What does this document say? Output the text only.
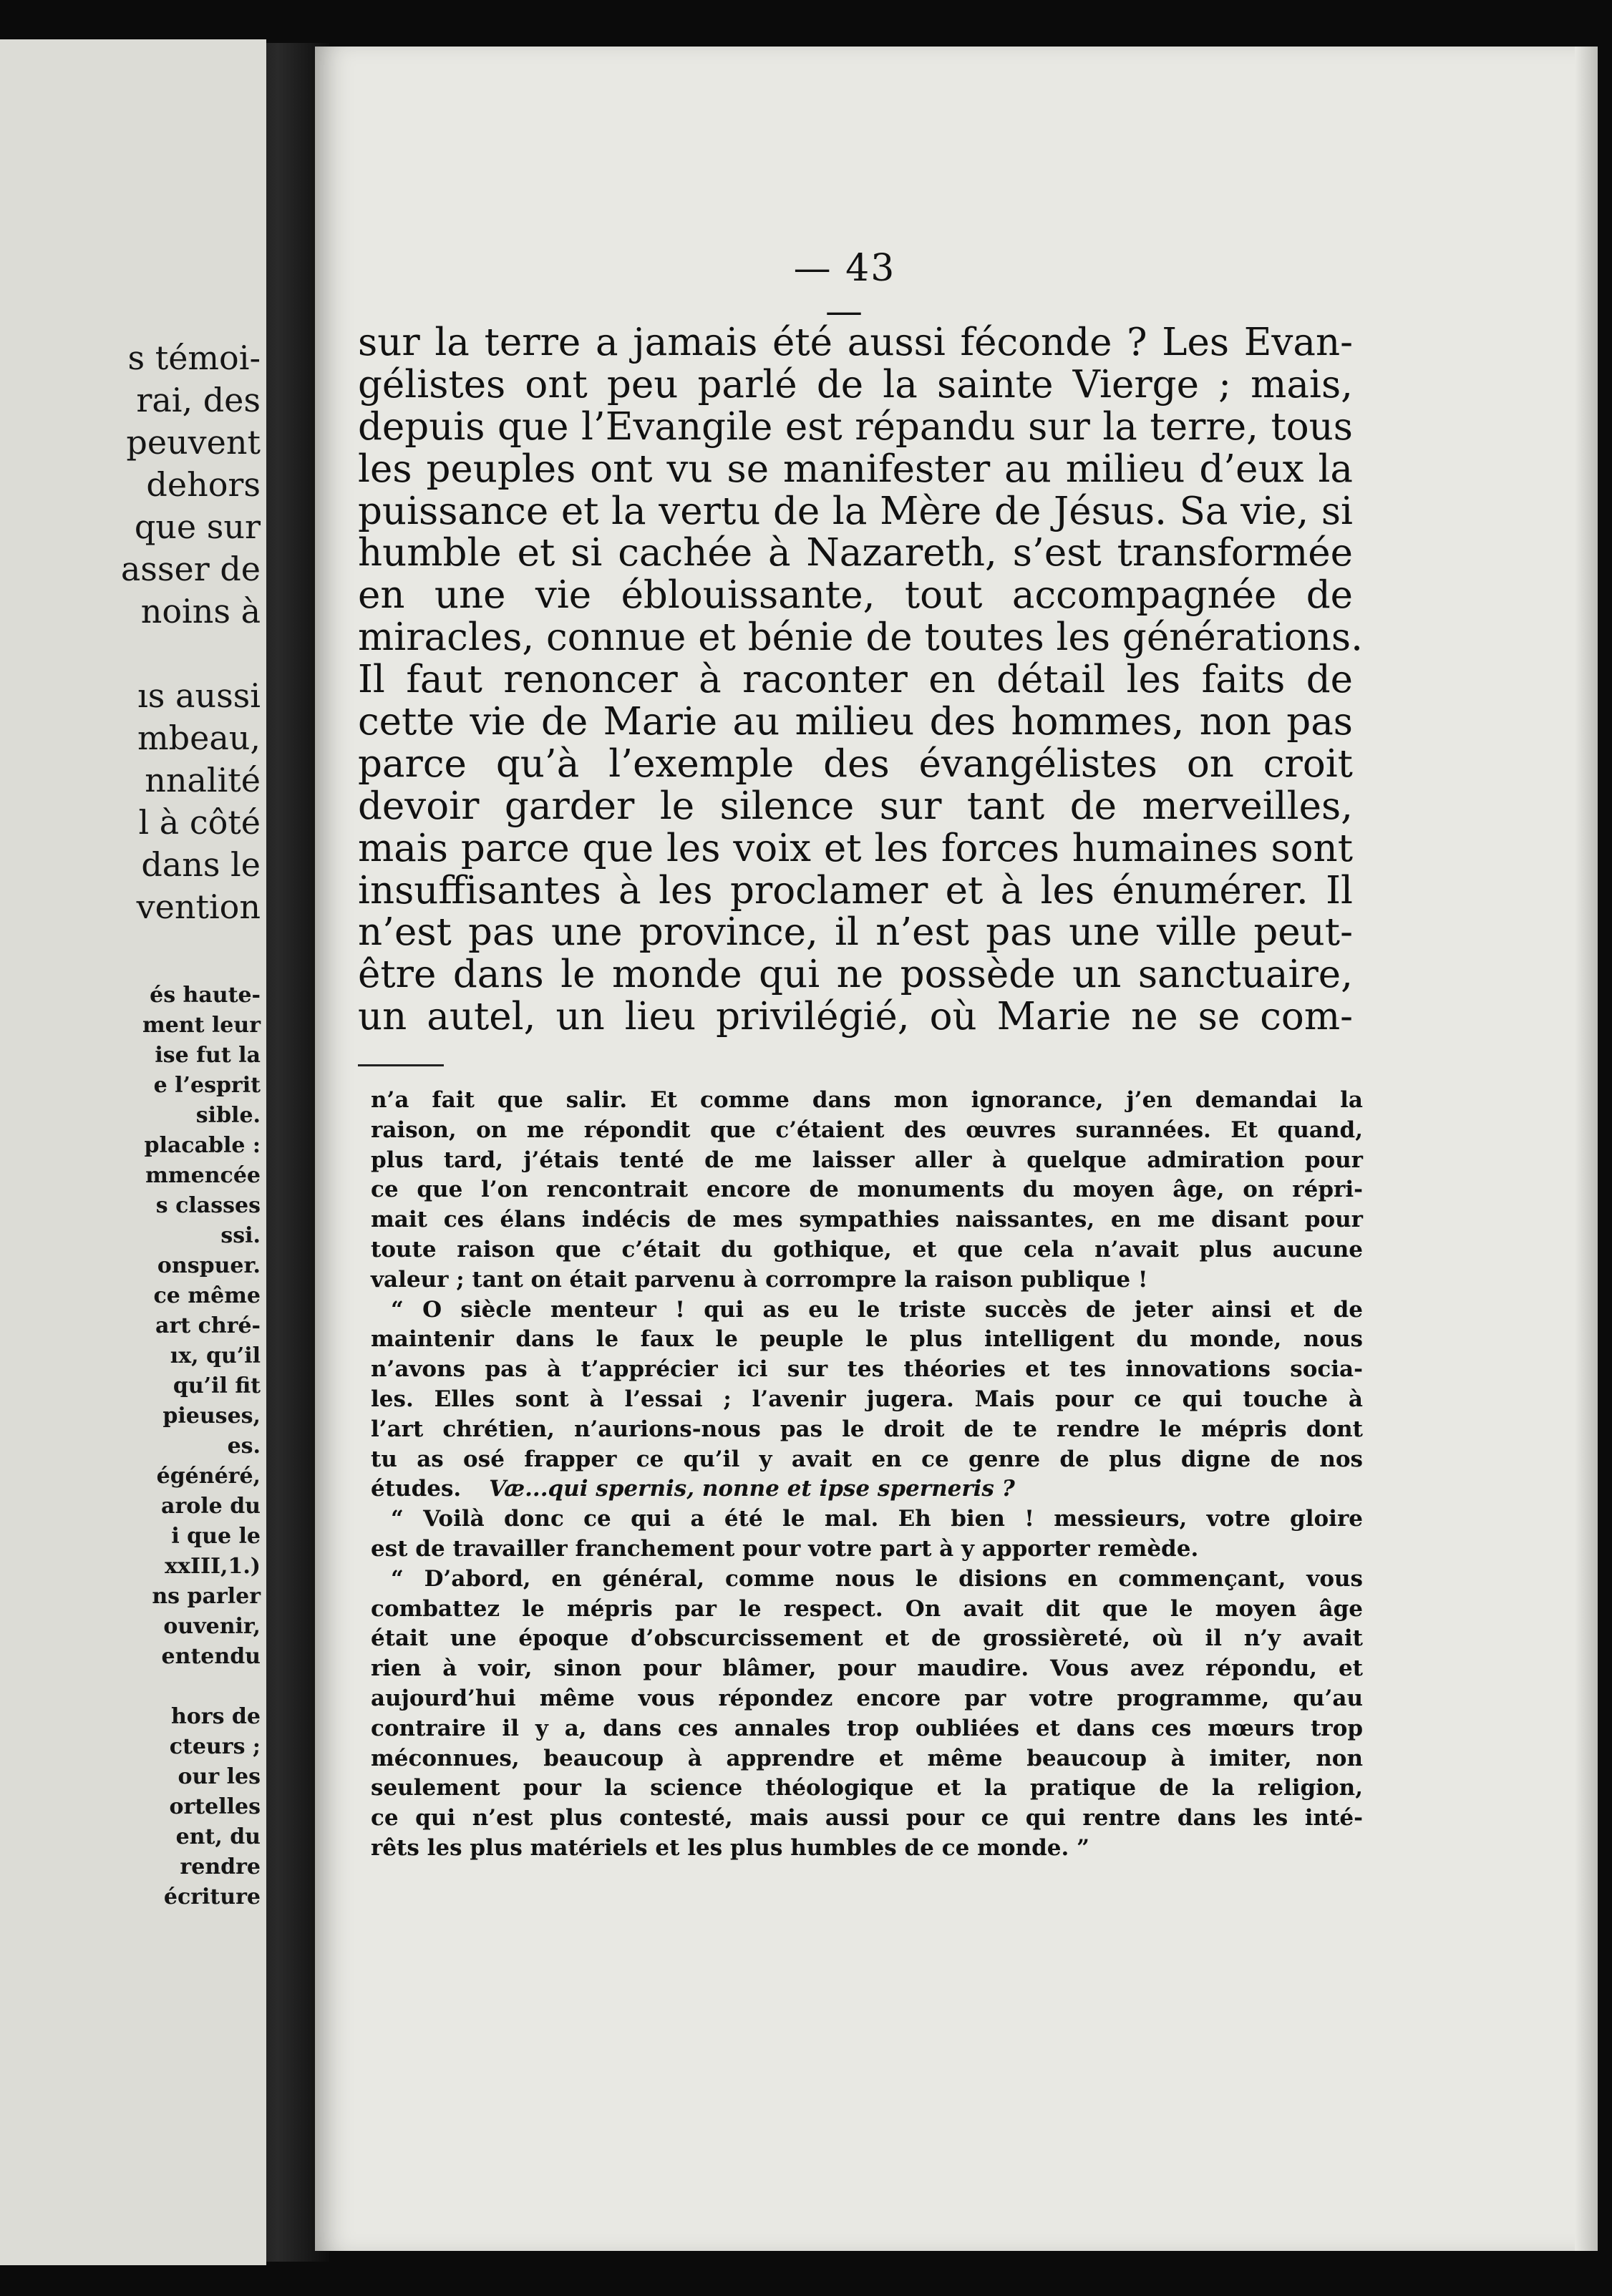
s témoi-
rai, des
peuvent
dehors
que sur
asser de
noins à
ıs aussi
mbeau,
nnalité
l à côté
dans le
vention
és haute-
ment leur
ise fut la
e l’esprit
sible.
placable :
mmencée
s classes
ssi.
onspuer.
ce même
art chré-
ıx, qu’il
qu’il fit
pieuses,
es.
égénéré,
arole du
i que le
xxIII,1.)
ns parler
ouvenir,
entendu
hors de
cteurs ;
our les
ortelles
ent, du
rendre
écriture
— 43 —
sur la terre a jamais été aussi féconde ? Les Evan-
gélistes ont peu parlé de la sainte Vierge ; mais,
depuis que l’Evangile est répandu sur la terre, tous
les peuples ont vu se manifester au milieu d’eux la
puissance et la vertu de la Mère de Jésus. Sa vie, si
humble et si cachée à Nazareth, s’est transformée
en une vie éblouissante, tout accompagnée de
miracles, connue et bénie de toutes les générations.
Il faut renoncer à raconter en détail les faits de
cette vie de Marie au milieu des hommes, non pas
parce qu’à l’exemple des évangélistes on croit
devoir garder le silence sur tant de merveilles,
mais parce que les voix et les forces humaines sont
insuffisantes à les proclamer et à les énumérer. Il
n’est pas une province, il n’est pas une ville peut-
être dans le monde qui ne possède un sanctuaire,
un autel, un lieu privilégié, où Marie ne se com-
n’a fait que salir. Et comme dans mon ignorance, j’en demandai la
raison, on me répondit que c’étaient des œuvres surannées. Et quand,
plus tard, j’étais tenté de me laisser aller à quelque admiration pour
ce que l’on rencontrait encore de monuments du moyen âge, on répri-
mait ces élans indécis de mes sympathies naissantes, en me disant pour
toute raison que c’était du gothique, et que cela n’avait plus aucune
valeur ; tant on était parvenu à corrompre la raison publique !
“ O siècle menteur ! qui as eu le triste succès de jeter ainsi et de
maintenir dans le faux le peuple le plus intelligent du monde, nous
n’avons pas à t’apprécier ici sur tes théories et tes innovations socia-
les. Elles sont à l’essai ; l’avenir jugera. Mais pour ce qui touche à
l’art chrétien, n’aurions-nous pas le droit de te rendre le mépris dont
tu as osé frapper ce qu’il y avait en ce genre de plus digne de nos
études. Væ...qui spernis, nonne et ipse sperneris ?
“ Voilà donc ce qui a été le mal. Eh bien ! messieurs, votre gloire
est de travailler franchement pour votre part à y apporter remède.
“ D’abord, en général, comme nous le disions en commençant, vous
combattez le mépris par le respect. On avait dit que le moyen âge
était une époque d’obscurcissement et de grossièreté, où il n’y avait
rien à voir, sinon pour blâmer, pour maudire. Vous avez répondu, et
aujourd’hui même vous répondez encore par votre programme, qu’au
contraire il y a, dans ces annales trop oubliées et dans ces mœurs trop
méconnues, beaucoup à apprendre et même beaucoup à imiter, non
seulement pour la science théologique et la pratique de la religion,
ce qui n’est plus contesté, mais aussi pour ce qui rentre dans les inté-
rêts les plus matériels et les plus humbles de ce monde. ”
